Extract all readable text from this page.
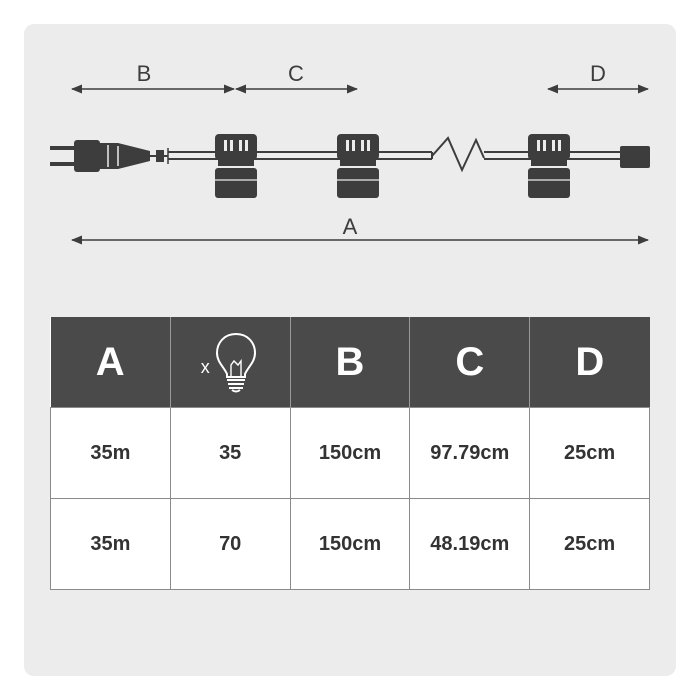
B	C	D
A
A	x	B	C	D
35m	35	150cm	97.79cm	25cm
35m	70	150cm	48.19cm	25cm
